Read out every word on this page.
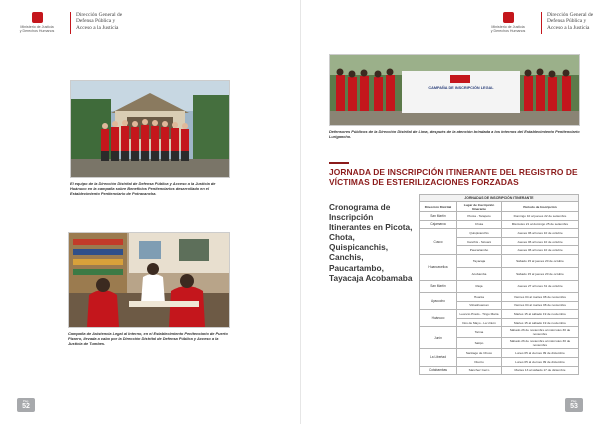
Ministerio de Justicia
y Derechos Humanos
Dirección General de
Defensa Pública y
Acceso a la Justicia
El equipo de la Dirección Distrital de Defensa Pública y Acceso a la Justicia de Huánuco en la campaña sobre Beneficios Penitenciarios desarrollado en el Establecimiento Penitenciario de Potracancha.
Campaña de Asistencia Legal al Interno, en el Establecimiento Penitenciario de Puerto Pizarro, llevada a cabo por la Dirección Distrital de Defensa Pública y Acceso a la Justicia de Tumbes.
Pág.
52
Ministerio de Justicia
y Derechos Humanos
Dirección General de
Defensa Pública y
Acceso a la Justicia
CAMPAÑA DE INSCRIPCIÓN LEGAL
Defensores Públicos de la Dirección Distrital de Lima, después de la atención brindada a los internos del Establecimiento Penitenciario Lurigancho.
JORNADA DE INSCRIPCIÓN ITINERANTE DEL REGISTRO DE VÍCTIMAS DE ESTERILIZACIONES FORZADAS
Cronograma de Inscripción Itinerantes en Picota, Chota, Quispicanchis, Canchis, Paucartambo, Tayacaja Acobamaba
JORNADAS DE INSCRIPCIÓN ITINERANTE		
Dirección Distrital	Lugar de Inscripción Itinerante	Período de Inscripción
San Martín	Picota - Tarapoto	Domingo 10 al jueves 22 de setiembre
Cajamarca	Chota	Miércoles 21 al domingo 25 de setiembre
Cusco	Quispicanchis	Jueves 06 al lunes 10 de octubre
	Canchis - Sicuani	Jueves 06 al lunes 10 de octubre
	Paucartambo	Jueves 06 al lunes 10 de octubre
Huancavelica	Tayacaja	Sábado 15 al jueves 20 de octubre
	Acobamba	Sábado 15 al jueves 20 de octubre
San Martín	Rioja	Jueves 27 al lunes 31 de octubre
Ayacucho	Huanta	Viernes 04 al martes 08 de noviembre
	Vilcashuaman	Viernes 04 al martes 08 de noviembre
Huánuco	Leoncio Prado - Tingo María	Martes 15 al sábado 19 de noviembre
	Dos de Mayo - La Unión	Martes 15 al sábado 19 de noviembre
Junín	Tarma	Sábado 26 de noviembre al miércoles 30 de noviembre
	Satipo	Sábado 26 de noviembre al miércoles 30 de noviembre
La Libertad	Santiago de Chuco	Lunes 05 al viernes 09 de diciembre
	Otuzco	Lunes 05 al viernes 09 de diciembre
Cotabambas	Sánchez Cerro	Martes 13 al sábado 17 de diciembre
Pág.
53
